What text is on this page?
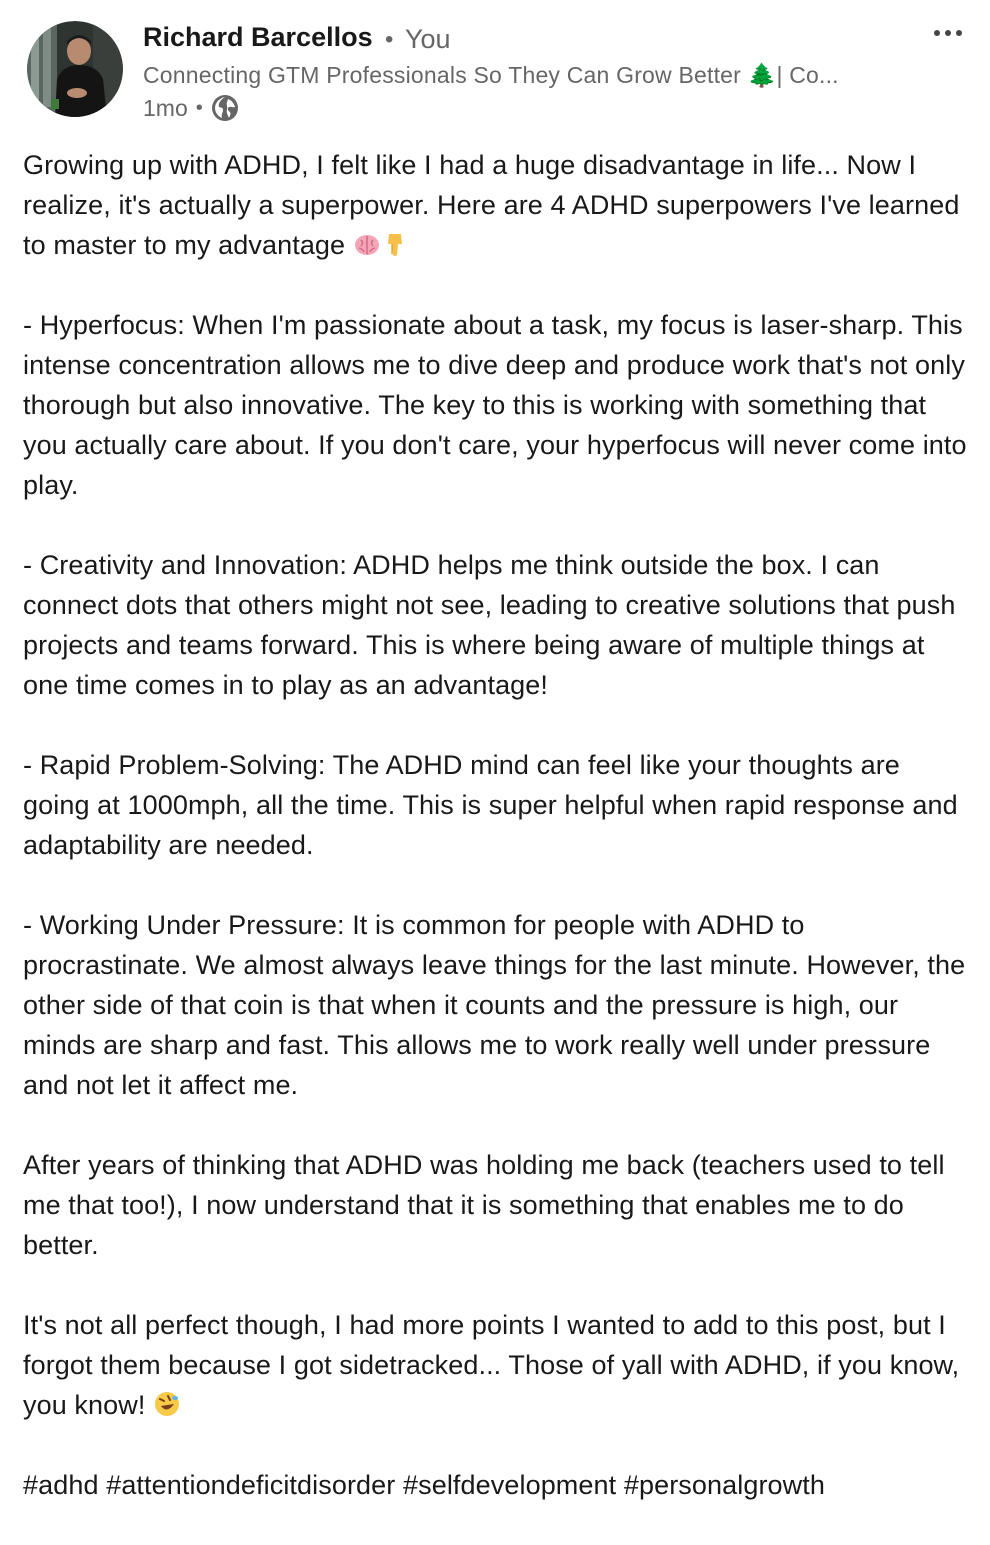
Richard Barcellos • You
Connecting GTM Professionals So They Can Grow Better 🌲| Co...
1mo •

Growing up with ADHD, I felt like I had a huge disadvantage in life... Now I realize, it's actually a superpower. Here are 4 ADHD superpowers I've learned to master to my advantage

- Hyperfocus: When I'm passionate about a task, my focus is laser-sharp. This intense concentration allows me to dive deep and produce work that's not only thorough but also innovative. The key to this is working with something that you actually care about. If you don't care, your hyperfocus will never come into play.

- Creativity and Innovation: ADHD helps me think outside the box. I can connect dots that others might not see, leading to creative solutions that push projects and teams forward. This is where being aware of multiple things at one time comes in to play as an advantage!

- Rapid Problem-Solving: The ADHD mind can feel like your thoughts are going at 1000mph, all the time. This is super helpful when rapid response and adaptability are needed.

- Working Under Pressure: It is common for people with ADHD to procrastinate. We almost always leave things for the last minute. However, the other side of that coin is that when it counts and the pressure is high, our minds are sharp and fast. This allows me to work really well under pressure and not let it affect me.

After years of thinking that ADHD was holding me back (teachers used to tell me that too!), I now understand that it is something that enables me to do better.

It's not all perfect though, I had more points I wanted to add to this post, but I forgot them because I got sidetracked... Those of yall with ADHD, if you know, you know!

#adhd #attentiondeficitdisorder #selfdevelopment #personalgrowth
